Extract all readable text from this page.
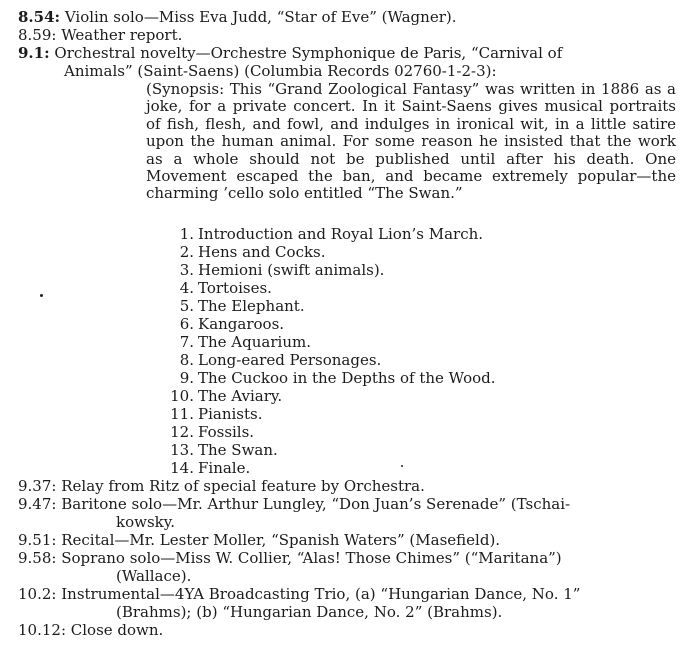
8.54: Violin solo—Miss Eva Judd, “Star of Eve” (Wagner).
8.59: Weather report.
9.1: Orchestral novelty—Orchestre Symphonique de Paris, “Carnival of
Animals” (Saint-Saens) (Columbia Records 02760-1-2-3):
(Synopsis: This “Grand Zoological Fantasy” was written in 1886 as a joke, for a private concert. In it Saint-Saens gives musical portraits of fish, flesh, and fowl, and indulges in ironical wit, in a little satire upon the human animal. For some reason he insisted that the work as a whole should not be published until after his death. One Movement escaped the ban, and became extremely popular—the charming ’cello solo entitled “The Swan.”
1. Introduction and Royal Lion’s March.
2. Hens and Cocks.
3. Hemioni (swift animals).
4. Tortoises.
5. The Elephant.
6. Kangaroos.
7. The Aquarium.
8. Long-eared Personages.
9. The Cuckoo in the Depths of the Wood.
10. The Aviary.
11. Pianists.
12. Fossils.
13. The Swan.
14. Finale.
9.37: Relay from Ritz of special feature by Orchestra.
9.47: Baritone solo—Mr. Arthur Lungley, “Don Juan’s Serenade” (Tschai-
kowsky.
9.51: Recital—Mr. Lester Moller, “Spanish Waters” (Masefield).
9.58: Soprano solo—Miss W. Collier, “Alas! Those Chimes” (“Maritana”)
(Wallace).
10.2: Instrumental—4YA Broadcasting Trio, (a) “Hungarian Dance, No. 1”
(Brahms); (b) “Hungarian Dance, No. 2” (Brahms).
10.12: Close down.
